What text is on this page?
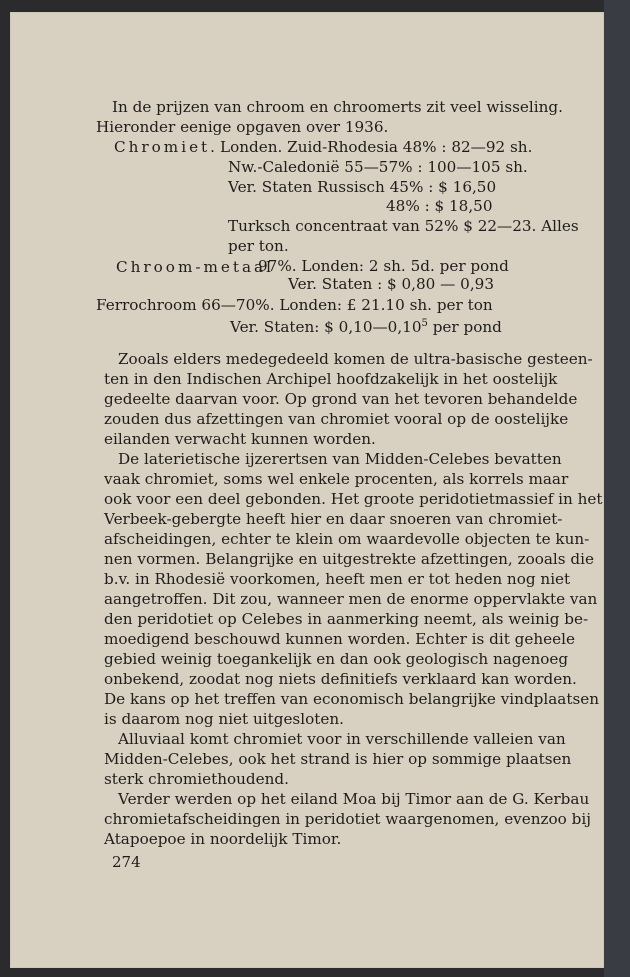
In de prijzen van chroom en chroomerts zit veel wisseling.
Hieronder eenige opgaven over 1936.
Chromiet. Londen. Zuid-Rhodesia 48% : 82—92 sh.
Nw.-Caledonië 55—57% : 100—105 sh.
Ver. Staten Russisch 45% : $ 16,50
48% : $ 18,50
Turksch concentraat van 52% $ 22—23. Alles
per ton.
Chroom-metaal
97%. Londen: 2 sh. 5d. per pond
Ver. Staten : $ 0,80 — 0,93
Ferrochroom 66—70%. Londen: £ 21.10 sh. per ton
Ver. Staten: $ 0,10—0,10$^5$ per pond
Zooals elders medegedeeld komen de ultra-basische gesteen-
ten in den Indischen Archipel hoofdzakelijk in het oostelijk
gedeelte daarvan voor. Op grond van het tevoren behandelde
zouden dus afzettingen van chromiet vooral op de oostelijke
eilanden verwacht kunnen worden.
De laterietische ijzerertsen van Midden-Celebes bevatten
vaak chromiet, soms wel enkele procenten, als korrels maar
ook voor een deel gebonden. Het groote peridotietmassief in het
Verbeek-gebergte heeft hier en daar snoeren van chromiet-
afscheidingen, echter te klein om waardevolle objecten te kun-
nen vormen. Belangrijke en uitgestrekte afzettingen, zooals die
b.v. in Rhodesië voorkomen, heeft men er tot heden nog niet
aangetroffen. Dit zou, wanneer men de enorme oppervlakte van
den peridotiet op Celebes in aanmerking neemt, als weinig be-
moedigend beschouwd kunnen worden. Echter is dit geheele
gebied weinig toegankelijk en dan ook geologisch nagenoeg
onbekend, zoodat nog niets definitiefs verklaard kan worden.
De kans op het treffen van economisch belangrijke vindplaatsen
is daarom nog niet uitgesloten.
Alluviaal komt chromiet voor in verschillende valleien van
Midden-Celebes, ook het strand is hier op sommige plaatsen
sterk chromiethoudend.
Verder werden op het eiland Moa bij Timor aan de G. Kerbau
chromietafscheidingen in peridotiet waargenomen, evenzoo bij
Atapoepoe in noordelijk Timor.
274
